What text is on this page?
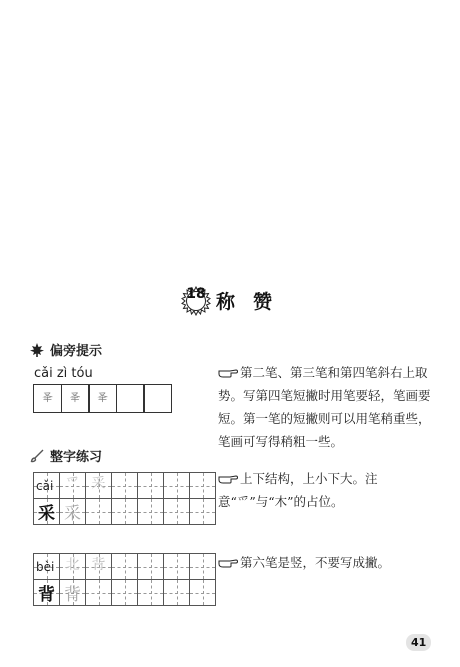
18 称赞
偏旁提示
cǎi zì tóu
𠬤	𠬤	𠬤
第二笔、第三笔和第四笔斜右上取势。写第四笔短撇时用笔要轻，笔画要短。第一笔的短撇则可以用笔稍重些，笔画可写得稍粗一些。
整字练习
cǎi 爫 采
采 采
上下结构，上小下大。注意“爫”与“木”的占位。
bèi 北 背
背 背
第六笔是竖，不要写成撇。
41
